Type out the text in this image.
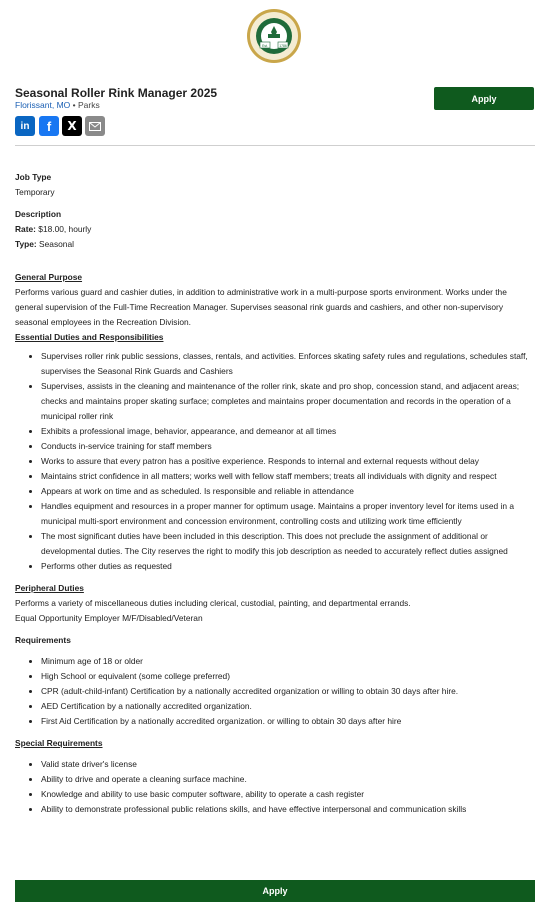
Est.	1786
Seasonal Roller Rink Manager 2025
Florissant, MO • Parks
Apply
in f X

Job Type

Temporary

Description

Rate: $18.00, hourly

Type: Seasonal

General Purpose

Performs various guard and cashier duties, in addition to administrative work in a multi-purpose sports environment. Works under the general supervision of the Full-Time Recreation Manager. Supervises seasonal rink guards and cashiers, and other non-supervisory seasonal employees in the Recreation Division.

Essential Duties and Responsibilities

• Supervises roller rink public sessions, classes, rentals, and activities. Enforces skating safety rules and regulations, schedules staff, supervises the Seasonal Rink Guards and Cashiers
• Supervises, assists in the cleaning and maintenance of the roller rink, skate and pro shop, concession stand, and adjacent areas; checks and maintains proper skating surface; completes and maintains proper documentation and records in the operation of a municipal roller rink
• Exhibits a professional image, behavior, appearance, and demeanor at all times
• Conducts in-service training for staff members
• Works to assure that every patron has a positive experience. Responds to internal and external requests without delay
• Maintains strict confidence in all matters; works well with fellow staff members; treats all individuals with dignity and respect
• Appears at work on time and as scheduled. Is responsible and reliable in attendance
• Handles equipment and resources in a proper manner for optimum usage. Maintains a proper inventory level for items used in a municipal multi-sport environment and concession environment, controlling costs and utilizing work time efficiently
• The most significant duties have been included in this description. This does not preclude the assignment of additional or developmental duties. The City reserves the right to modify this job description as needed to accurately reflect duties assigned
• Performs other duties as requested

Peripheral Duties

Performs a variety of miscellaneous duties including clerical, custodial, painting, and departmental errands.

Equal Opportunity Employer M/F/Disabled/Veteran

Requirements

• Minimum age of 18 or older
• High School or equivalent (some college preferred)
• CPR (adult-child-infant) Certification by a nationally accredited organization or willing to obtain 30 days after hire.
• AED Certification by a nationally accredited organization.
• First Aid Certification by a nationally accredited organization. or willing to obtain 30 days after hire

Special Requirements

• Valid state driver's license
• Ability to drive and operate a cleaning surface machine.
• Knowledge and ability to use basic computer software, ability to operate a cash register
• Ability to demonstrate professional public relations skills, and have effective interpersonal and communication skills
Apply
